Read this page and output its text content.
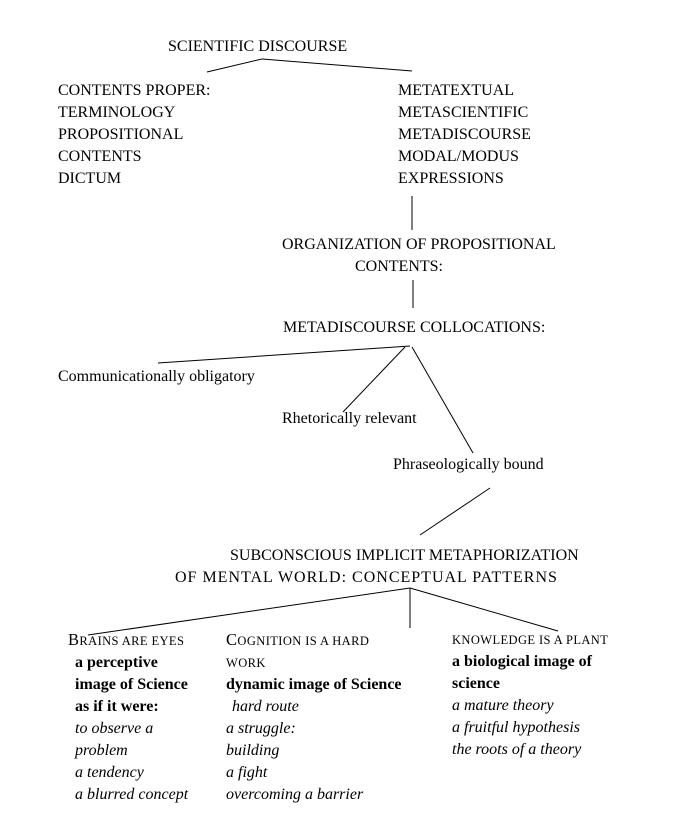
SCIENTIFIC DISCOURSE
CONTENTS PROPER:
TERMINOLOGY
PROPOSITIONAL
CONTENTS
DICTUM
METATEXTUAL
METASCIENTIFIC
METADISCOURSE
MODAL/MODUS
EXPRESSIONS
ORGANIZATION OF PROPOSITIONAL
CONTENTS:
METADISCOURSE COLLOCATIONS:
Communicationally obligatory
Rhetorically relevant
Phraseologically bound
SUBCONSCIOUS IMPLICIT METAPHORIZATION
OF MENTAL WORLD: CONCEPTUAL PATTERNS
BRAINS ARE EYES
a perceptive
image of Science
as if it were:
to observe a
problem
a tendency
a blurred concept
COGNITION IS A HARD
WORK
dynamic image of Science
hard route
a struggle:
building
a fight
overcoming a barrier
KNOWLEDGE IS A PLANT
a biological image of
science
a mature theory
a fruitful hypothesis
the roots of a theory
